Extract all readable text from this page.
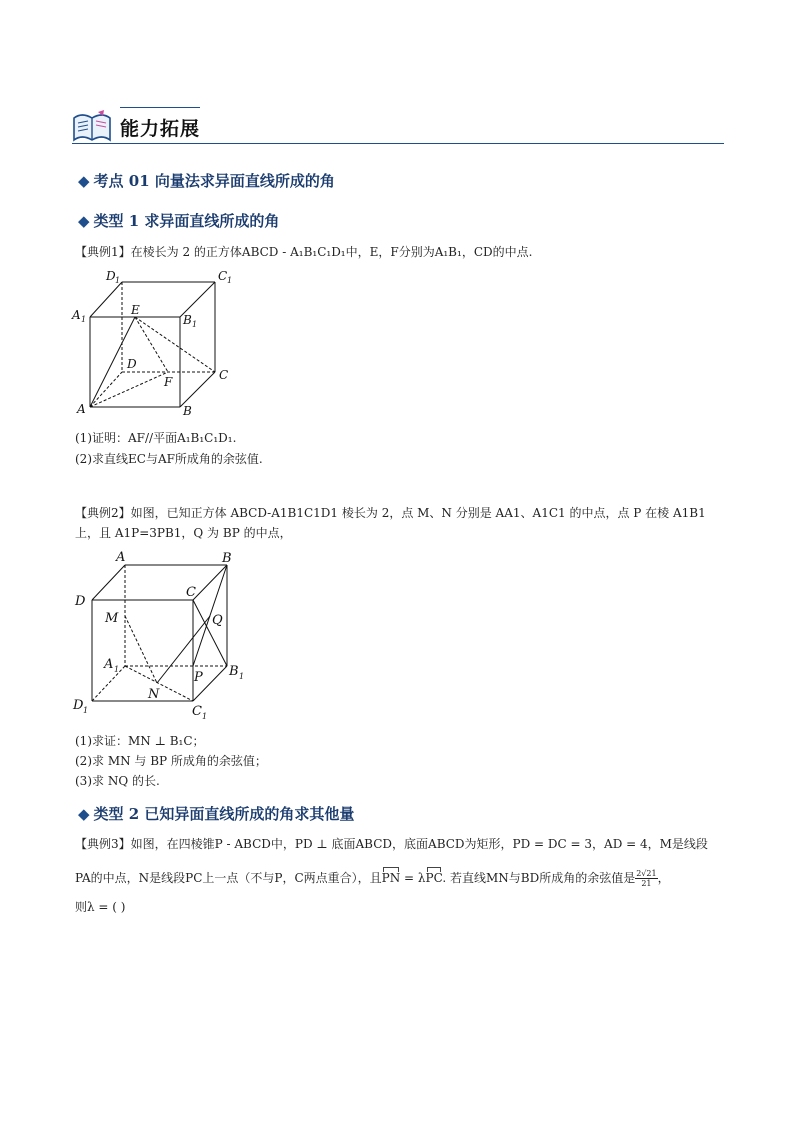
能力拓展
◆ 考点 01 向量法求异面直线所成的角
◆ 类型 1 求异面直线所成的角
【典例1】在棱长为 2 的正方体ABCD - A₁B₁C₁D₁中，E，F分别为A₁B₁，CD的中点.
D 1	C 1
A 1
E
B 1
D
F	C
A	B
(1)证明：AF//平面A₁B₁C₁D₁.
(2)求直线EC与AF所成角的余弦值.
【典例2】如图，已知正方体 ABCD-A1B1C1D1 棱长为 2，点 M、N 分别是 AA1、A1C1 的中点，点 P 在棱 A1B1
上，且 A1P=3PB1，Q 为 BP 的中点，
A	B
D
C
M	Q
A 1	B 1
P
N
D 1	C 1
(1)求证：MN ⊥ B₁C；
(2)求 MN 与 BP 所成角的余弦值；
(3)求 NQ 的长.
◆ 类型 2 已知异面直线所成的角求其他量
【典例3】如图，在四棱锥P - ABCD中，PD ⊥ 底面ABCD，底面ABCD为矩形，PD = DC = 3，AD = 4，M是线段
PA的中点，N是线段PC上一点（不与P，C两点重合），且PN = λPC. 若直线MN与BD所成角的余弦值是 $\frac{2√21}{21}$ ，
则λ = ( )
